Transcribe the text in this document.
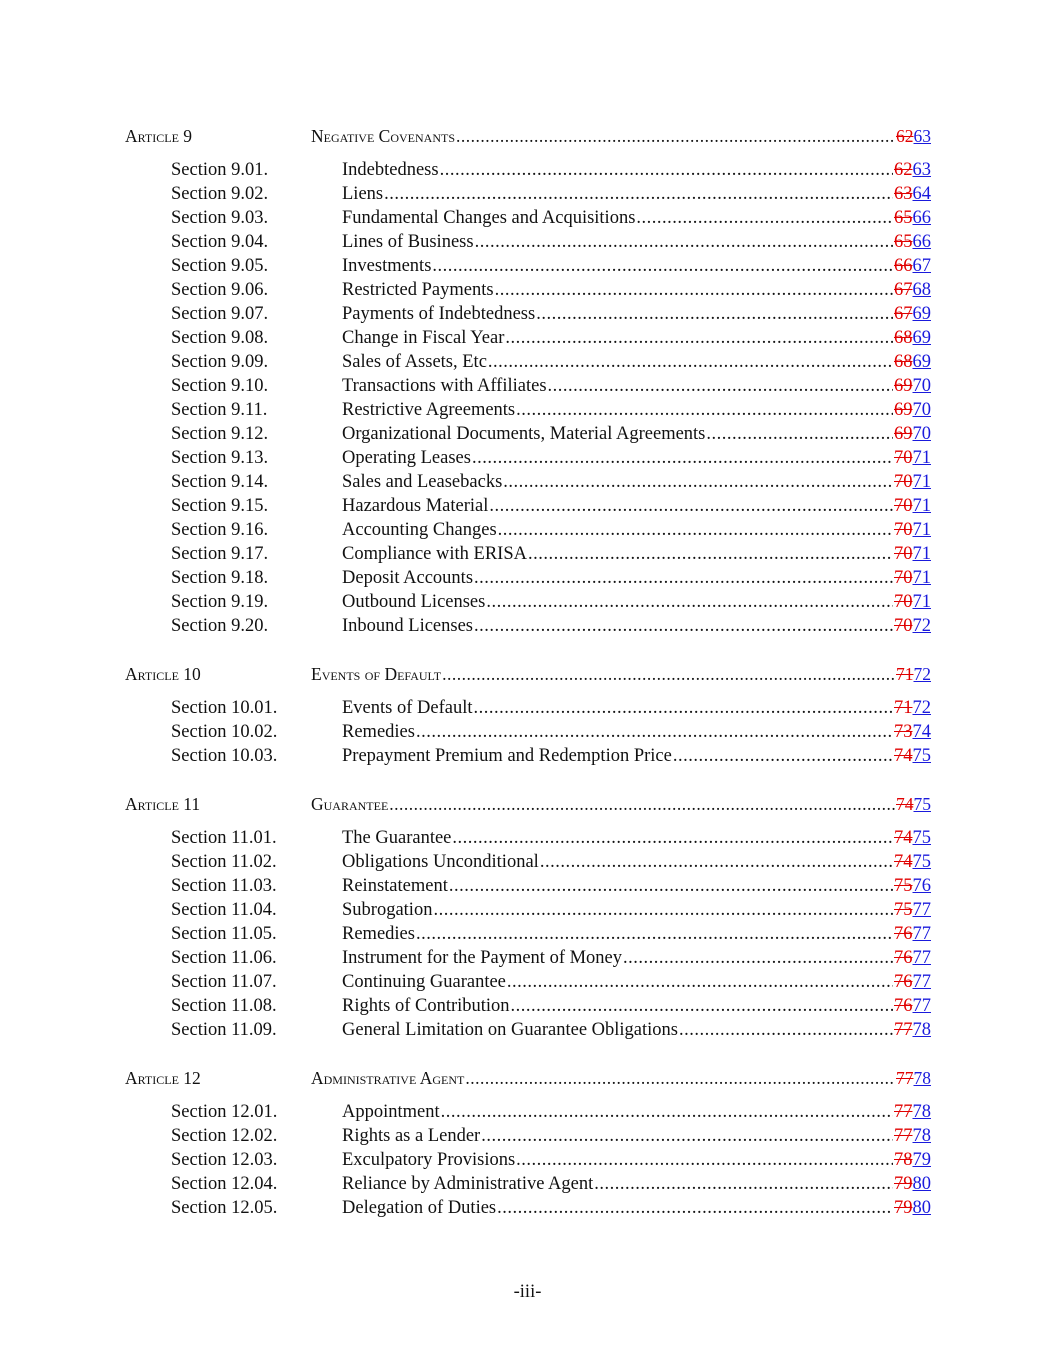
Article 9	Negative Covenants .....	6263
Section 9.01.	Indebtedness .....	6263
Section 9.02.	Liens .....	6364
Section 9.03.	Fundamental Changes and Acquisitions .....	6566
Section 9.04.	Lines of Business .....	6566
Section 9.05.	Investments .....	6667
Section 9.06.	Restricted Payments .....	6768
Section 9.07.	Payments of Indebtedness .....	6769
Section 9.08.	Change in Fiscal Year .....	6869
Section 9.09.	Sales of Assets, Etc .....	6869
Section 9.10.	Transactions with Affiliates .....	6970
Section 9.11.	Restrictive Agreements .....	6970
Section 9.12.	Organizational Documents, Material Agreements .....	6970
Section 9.13.	Operating Leases .....	7071
Section 9.14.	Sales and Leasebacks .....	7071
Section 9.15.	Hazardous Material .....	7071
Section 9.16.	Accounting Changes .....	7071
Section 9.17.	Compliance with ERISA .....	7071
Section 9.18.	Deposit Accounts .....	7071
Section 9.19.	Outbound Licenses .....	7071
Section 9.20.	Inbound Licenses .....	7072
Article 10	Events of Default .....	7172
Section 10.01.	Events of Default .....	7172
Section 10.02.	Remedies .....	7374
Section 10.03.	Prepayment Premium and Redemption Price .....	7475
Article 11	Guarantee .....	7475
Section 11.01.	The Guarantee .....	7475
Section 11.02.	Obligations Unconditional .....	7475
Section 11.03.	Reinstatement .....	7576
Section 11.04.	Subrogation .....	7577
Section 11.05.	Remedies .....	7677
Section 11.06.	Instrument for the Payment of Money .....	7677
Section 11.07.	Continuing Guarantee .....	7677
Section 11.08.	Rights of Contribution .....	7677
Section 11.09.	General Limitation on Guarantee Obligations .....	7778
Article 12	Administrative Agent .....	7778
Section 12.01.	Appointment .....	7778
Section 12.02.	Rights as a Lender .....	7778
Section 12.03.	Exculpatory Provisions .....	7879
Section 12.04.	Reliance by Administrative Agent .....	7980
Section 12.05.	Delegation of Duties .....	7980
-iii-
